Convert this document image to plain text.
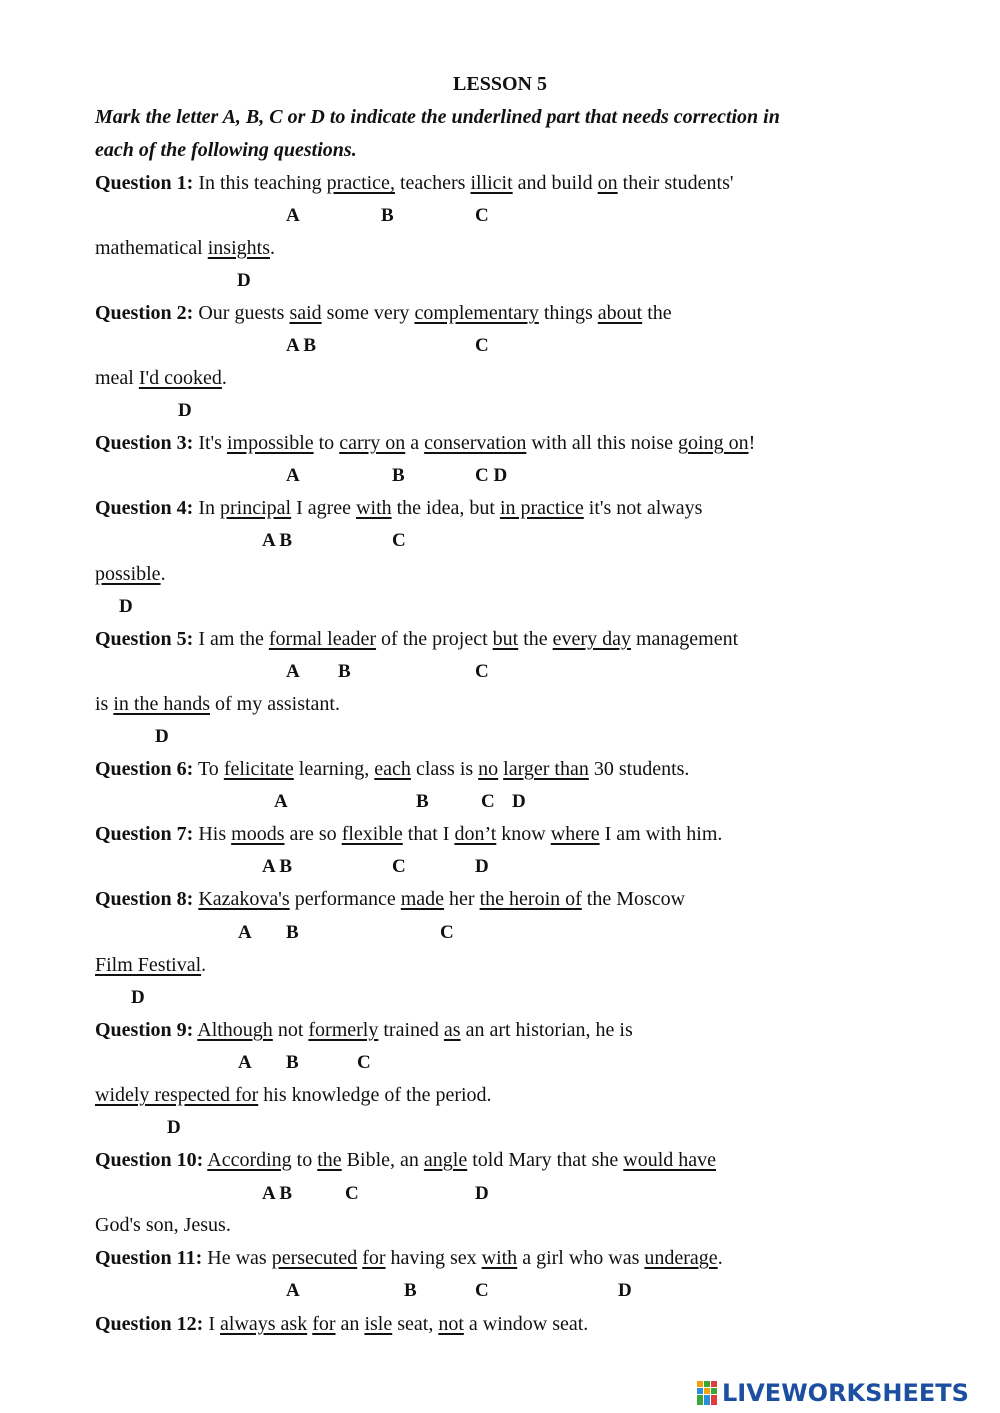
LESSON 5
Mark the letter A, B, C or D to indicate the underlined part that needs correction in
each of the following questions.
Question 1: In this teaching practice, teachers illicit and build on their students'
A	B	C
mathematical insights.
D
Question 2: Our guests said some very complementary things about the
A B	C
meal I'd cooked.
D
Question 3: It's impossible to carry on a conservation with all this noise going on!
A	B	C D
Question 4: In principal I agree with the idea, but in practice it's not always
A B	C
possible.
D
Question 5: I am the formal leader of the project but the every day management
A B	C
is in the hands of my assistant.
D
Question 6: To felicitate learning, each class is no larger than 30 students.
A	B	C D
Question 7: His moods are so flexible that I don’t know where I am with him.
A B	C	D
Question 8: Kazakova's performance made her the heroin of the Moscow
A B	C
Film Festival.
D
Question 9: Although not formerly trained as an art historian, he is
A B	C
widely respected for his knowledge of the period.
D
Question 10: According to the Bible, an angle told Mary that she would have
A B	C	D
God's son, Jesus.
Question 11: He was persecuted for having sex with a girl who was underage.
A	B	C	D
Question 12: I always ask for an isle seat, not a window seat.
LIVEWORKSHEETS
